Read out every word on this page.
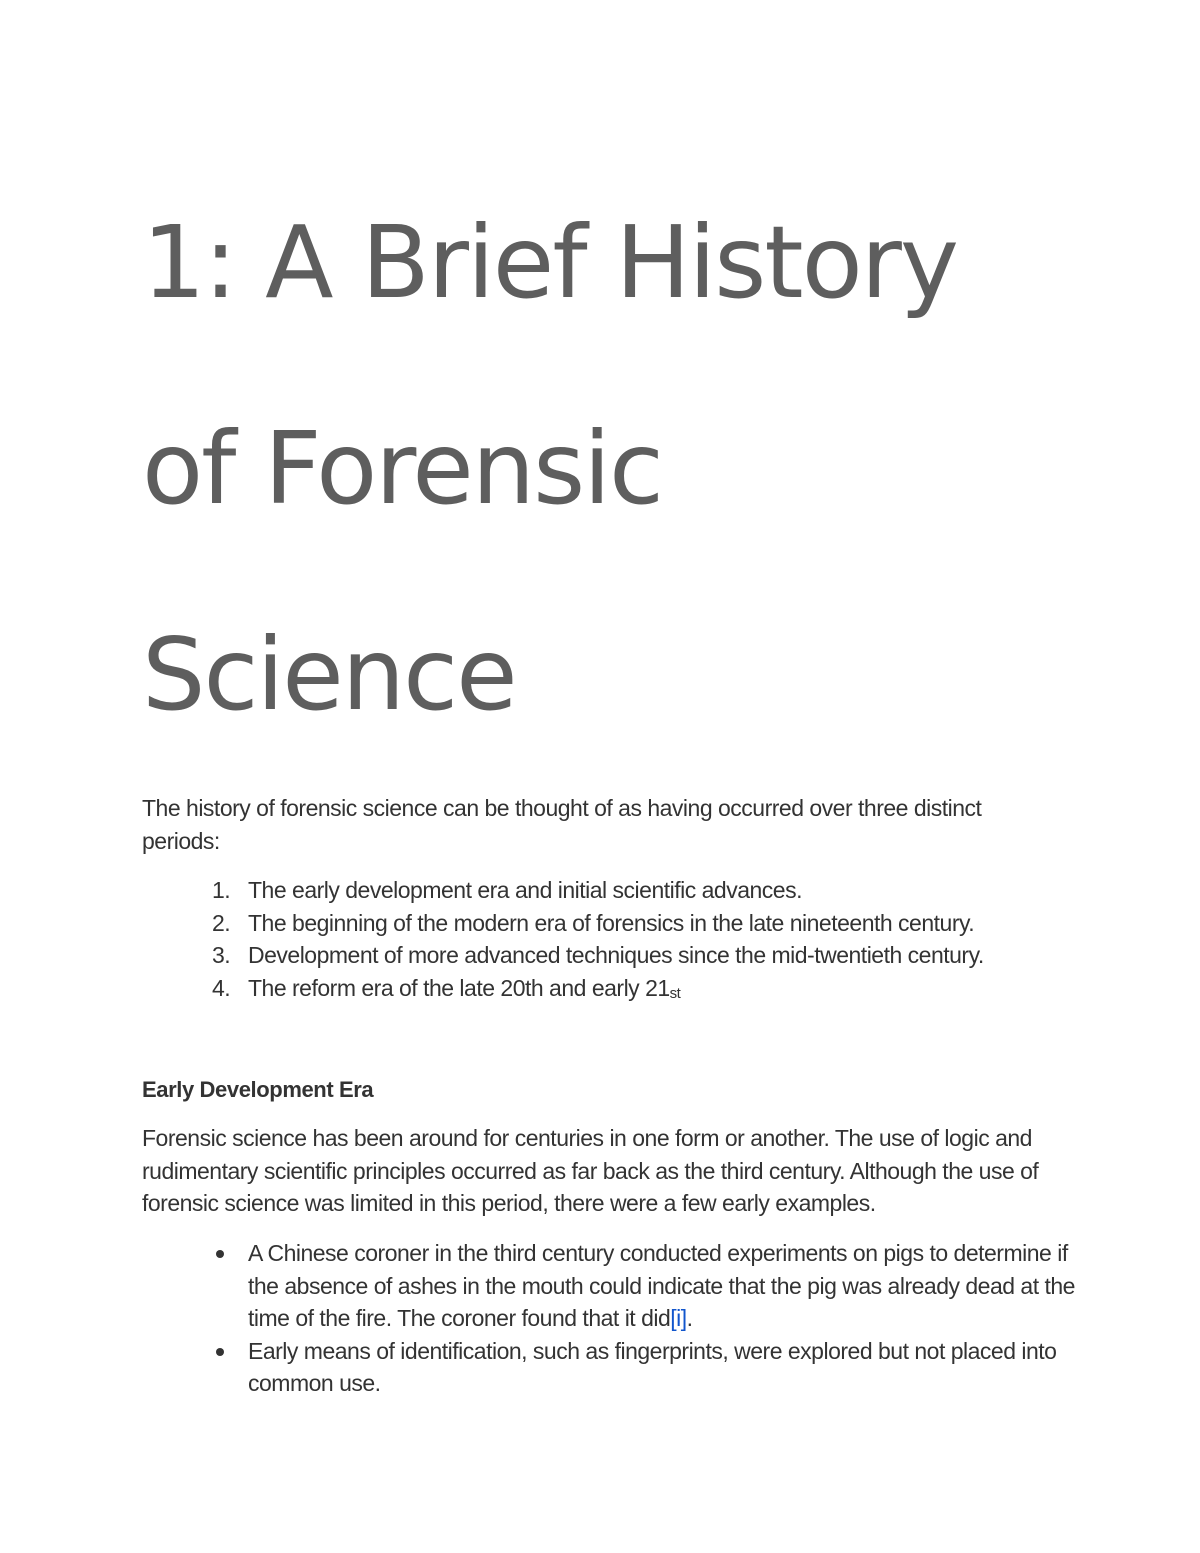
1: A Brief History
of Forensic
Science

The history of forensic science can be thought of as having occurred over three distinct periods:

1. The early development era and initial scientific advances.
2. The beginning of the modern era of forensics in the late nineteenth century.
3. Development of more advanced techniques since the mid-twentieth century.
4. The reform era of the late 20th and early 21st
Early Development Era

Forensic science has been around for centuries in one form or another. The use of logic and rudimentary scientific principles occurred as far back as the third century. Although the use of forensic science was limited in this period, there were a few early examples.

A Chinese coroner in the third century conducted experiments on pigs to determine if the absence of ashes in the mouth could indicate that the pig was already dead at the time of the fire. The coroner found that it did[i].
Early means of identification, such as fingerprints, were explored but not placed into common use.
